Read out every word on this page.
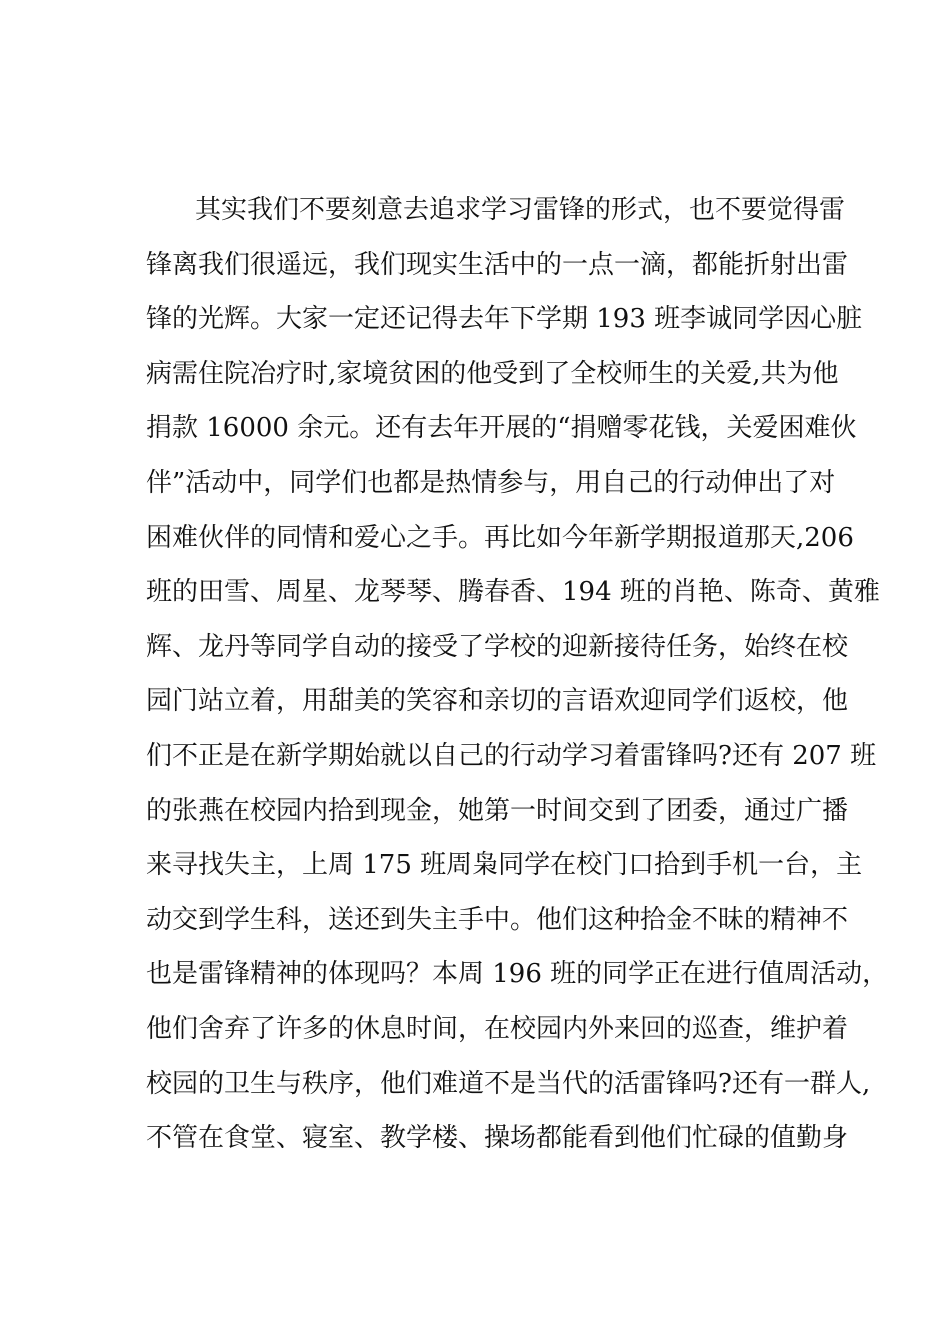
其实我们不要刻意去追求学习雷锋的形式，也不要觉得雷
锋离我们很遥远，我们现实生活中的一点一滴，都能折射出雷
锋的光辉。大家一定还记得去年下学期 193 班李诚同学因心脏
病需住院冶疗时,家境贫困的他受到了全校师生的关爱,共为他
捐款 16000 余元。还有去年开展的“捐赠零花钱，关爱困难伙
伴”活动中，同学们也都是热情参与，用自己的行动伸出了对
困难伙伴的同情和爱心之手。再比如今年新学期报道那天,206
班的田雪、周星、龙琴琴、腾春香、194 班的肖艳、陈奇、黄雅
辉、龙丹等同学自动的接受了学校的迎新接待任务，始终在校
园门站立着，用甜美的笑容和亲切的言语欢迎同学们返校，他
们不正是在新学期始就以自己的行动学习着雷锋吗?还有 207 班
的张燕在校园内拾到现金，她第一时间交到了团委，通过广播
来寻找失主，上周 175 班周枭同学在校门口拾到手机一台，主
动交到学生科，送还到失主手中。他们这种拾金不昧的精神不
也是雷锋精神的体现吗？本周 196 班的同学正在进行值周活动，
他们舍弃了许多的休息时间，在校园内外来回的巡查，维护着
校园的卫生与秩序，他们难道不是当代的活雷锋吗?还有一群人,
不管在食堂、寝室、教学楼、操场都能看到他们忙碌的值勤身
